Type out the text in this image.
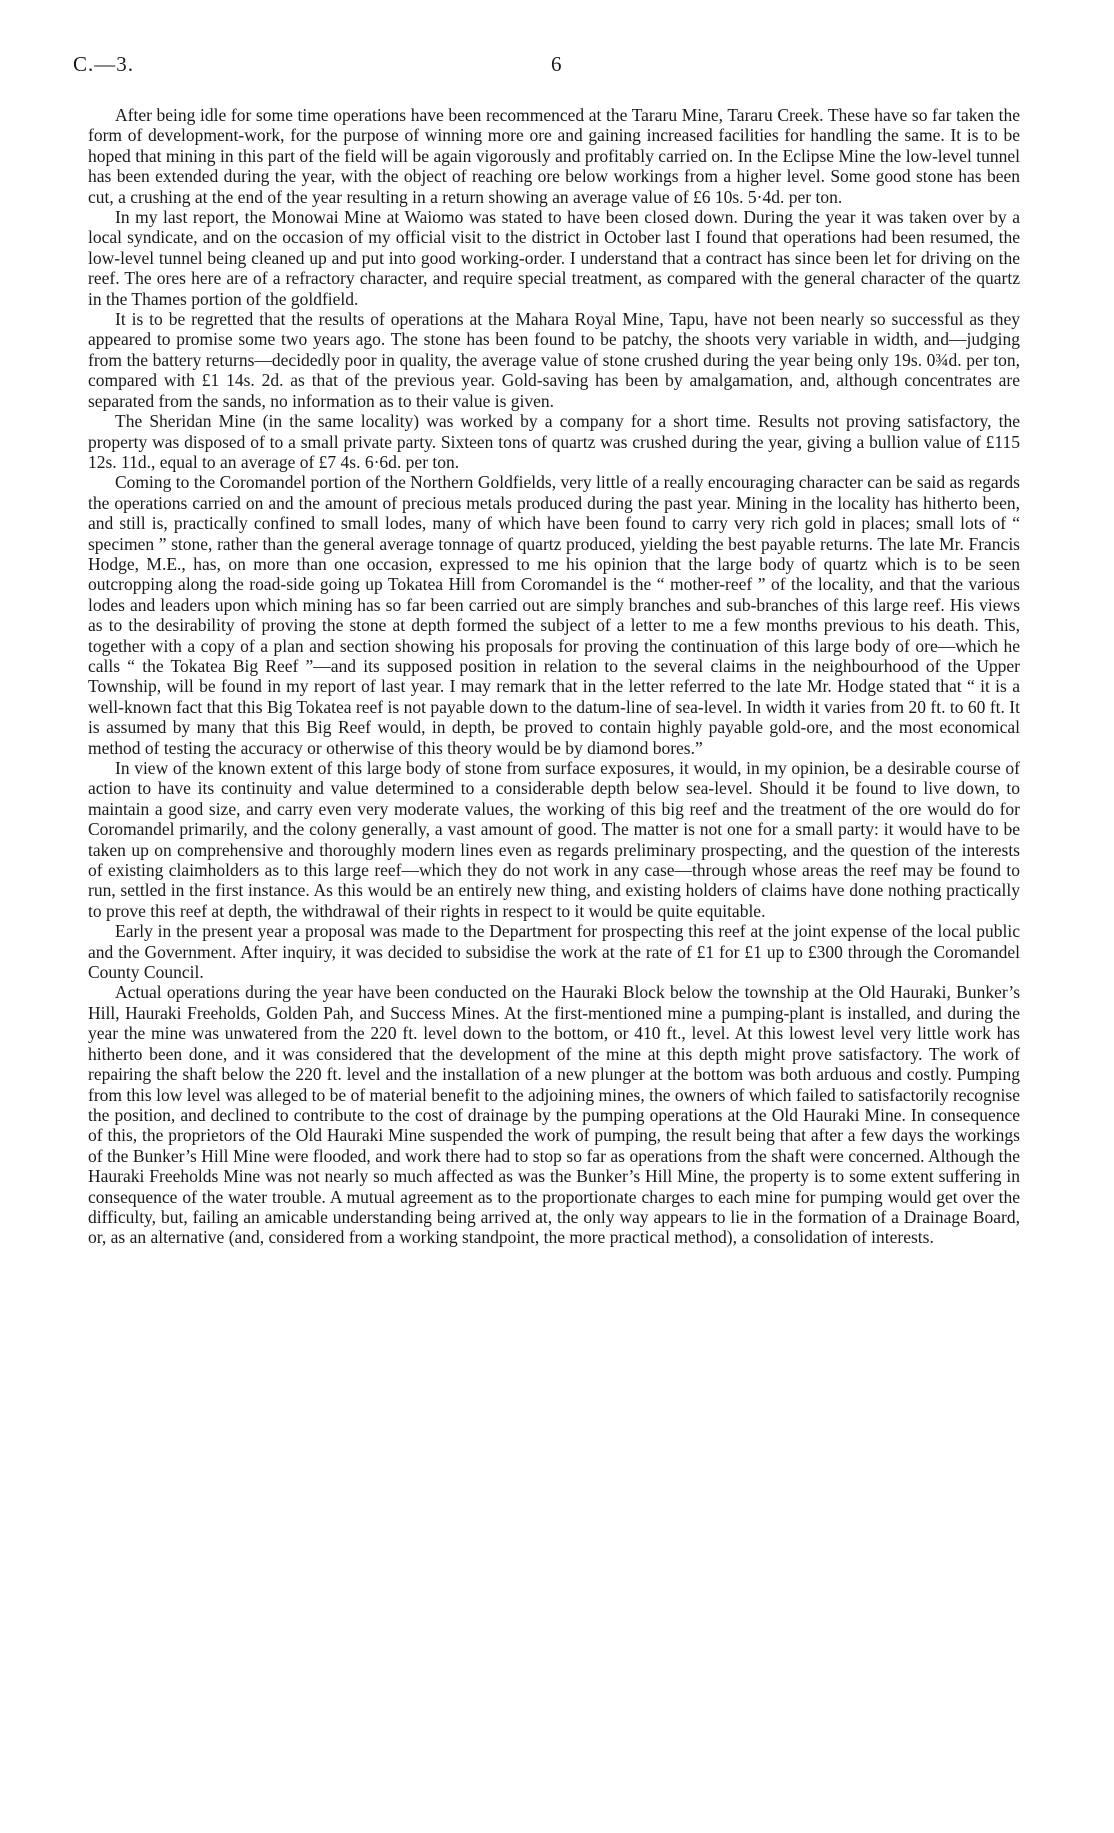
C.—3.	6

After being idle for some time operations have been recommenced at the Tararu Mine, Tararu Creek. These have so far taken the form of development-work, for the purpose of winning more ore and gaining increased facilities for handling the same. It is to be hoped that mining in this part of the field will be again vigorously and profitably carried on. In the Eclipse Mine the low-level tunnel has been extended during the year, with the object of reaching ore below workings from a higher level. Some good stone has been cut, a crushing at the end of the year resulting in a return showing an average value of £6 10s. 5·4d. per ton.

In my last report, the Monowai Mine at Waiomo was stated to have been closed down. During the year it was taken over by a local syndicate, and on the occasion of my official visit to the district in October last I found that operations had been resumed, the low-level tunnel being cleaned up and put into good working-order. I understand that a contract has since been let for driving on the reef. The ores here are of a refractory character, and require special treatment, as compared with the general character of the quartz in the Thames portion of the goldfield.

It is to be regretted that the results of operations at the Mahara Royal Mine, Tapu, have not been nearly so successful as they appeared to promise some two years ago. The stone has been found to be patchy, the shoots very variable in width, and—judging from the battery returns—decidedly poor in quality, the average value of stone crushed during the year being only 19s. 0¾d. per ton, compared with £1 14s. 2d. as that of the previous year. Gold-saving has been by amalgamation, and, although concentrates are separated from the sands, no information as to their value is given.

The Sheridan Mine (in the same locality) was worked by a company for a short time. Results not proving satisfactory, the property was disposed of to a small private party. Sixteen tons of quartz was crushed during the year, giving a bullion value of £115 12s. 11d., equal to an average of £7 4s. 6·6d. per ton.

Coming to the Coromandel portion of the Northern Goldfields, very little of a really encouraging character can be said as regards the operations carried on and the amount of precious metals produced during the past year. Mining in the locality has hitherto been, and still is, practically confined to small lodes, many of which have been found to carry very rich gold in places; small lots of “ specimen ” stone, rather than the general average tonnage of quartz produced, yielding the best payable returns. The late Mr. Francis Hodge, M.E., has, on more than one occasion, expressed to me his opinion that the large body of quartz which is to be seen outcropping along the road-side going up Tokatea Hill from Coromandel is the “ mother-reef ” of the locality, and that the various lodes and leaders upon which mining has so far been carried out are simply branches and sub-branches of this large reef. His views as to the desirability of proving the stone at depth formed the subject of a letter to me a few months previous to his death. This, together with a copy of a plan and section showing his proposals for proving the continuation of this large body of ore—which he calls “ the Tokatea Big Reef ”—and its supposed position in relation to the several claims in the neighbourhood of the Upper Township, will be found in my report of last year. I may remark that in the letter referred to the late Mr. Hodge stated that “ it is a well-known fact that this Big Tokatea reef is not payable down to the datum-line of sea-level. In width it varies from 20 ft. to 60 ft. It is assumed by many that this Big Reef would, in depth, be proved to contain highly payable gold-ore, and the most economical method of testing the accuracy or otherwise of this theory would be by diamond bores.”

In view of the known extent of this large body of stone from surface exposures, it would, in my opinion, be a desirable course of action to have its continuity and value determined to a considerable depth below sea-level. Should it be found to live down, to maintain a good size, and carry even very moderate values, the working of this big reef and the treatment of the ore would do for Coromandel primarily, and the colony generally, a vast amount of good. The matter is not one for a small party: it would have to be taken up on comprehensive and thoroughly modern lines even as regards preliminary prospecting, and the question of the interests of existing claimholders as to this large reef—which they do not work in any case—through whose areas the reef may be found to run, settled in the first instance. As this would be an entirely new thing, and existing holders of claims have done nothing practically to prove this reef at depth, the withdrawal of their rights in respect to it would be quite equitable.

Early in the present year a proposal was made to the Department for prospecting this reef at the joint expense of the local public and the Government. After inquiry, it was decided to subsidise the work at the rate of £1 for £1 up to £300 through the Coromandel County Council.

Actual operations during the year have been conducted on the Hauraki Block below the township at the Old Hauraki, Bunker’s Hill, Hauraki Freeholds, Golden Pah, and Success Mines. At the first-mentioned mine a pumping-plant is installed, and during the year the mine was unwatered from the 220 ft. level down to the bottom, or 410 ft., level. At this lowest level very little work has hitherto been done, and it was considered that the development of the mine at this depth might prove satisfactory. The work of repairing the shaft below the 220 ft. level and the installation of a new plunger at the bottom was both arduous and costly. Pumping from this low level was alleged to be of material benefit to the adjoining mines, the owners of which failed to satisfactorily recognise the position, and declined to contribute to the cost of drainage by the pumping operations at the Old Hauraki Mine. In consequence of this, the proprietors of the Old Hauraki Mine suspended the work of pumping, the result being that after a few days the workings of the Bunker’s Hill Mine were flooded, and work there had to stop so far as operations from the shaft were concerned. Although the Hauraki Freeholds Mine was not nearly so much affected as was the Bunker’s Hill Mine, the property is to some extent suffering in consequence of the water trouble. A mutual agreement as to the proportionate charges to each mine for pumping would get over the difficulty, but, failing an amicable understanding being arrived at, the only way appears to lie in the formation of a Drainage Board, or, as an alternative (and, considered from a working standpoint, the more practical method), a consolidation of interests.
